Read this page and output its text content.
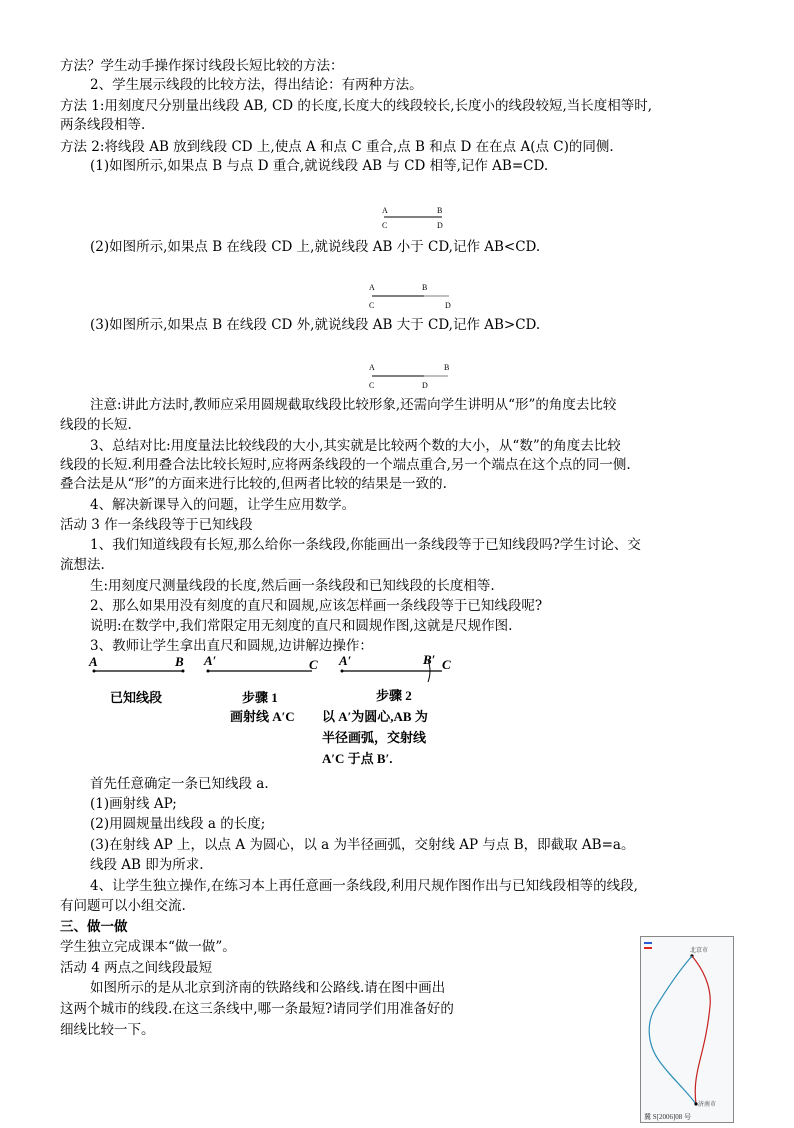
方法？学生动手操作探讨线段长短比较的方法：
2、学生展示线段的比较方法，得出结论：有两种方法。
方法 1:用刻度尺分别量出线段 AB, CD 的长度,长度大的线段较长,长度小的线段较短,当长度相等时,
两条线段相等.
方法 2:将线段 AB 放到线段 CD 上,使点 A 和点 C 重合,点 B 和点 D 在在点 A(点 C)的同侧.
(1)如图所示,如果点 B 与点 D 重合,就说线段 AB 与 CD 相等,记作 AB=CD.
A	B
C	D
(2)如图所示,如果点 B 在线段 CD 上,就说线段 AB 小于 CD,记作 AB<CD.
A	B
C	D
(3)如图所示,如果点 B 在线段 CD 外,就说线段 AB 大于 CD,记作 AB>CD.
A	B
C	D
注意:讲此方法时,教师应采用圆规截取线段比较形象,还需向学生讲明从“形”的角度去比较
线段的长短.
3、总结对比:用度量法比较线段的大小,其实就是比较两个数的大小，从“数”的角度去比较
线段的长短.利用叠合法比较长短时,应将两条线段的一个端点重合,另一个端点在这个点的同一侧.
叠合法是从“形”的方面来进行比较的,但两者比较的结果是一致的.
4、解决新课导入的问题，让学生应用数学。
活动 3 作一条线段等于已知线段
1、我们知道线段有长短,那么给你一条线段,你能画出一条线段等于已知线段吗?学生讨论、交
流想法.
生:用刻度尺测量线段的长度,然后画一条线段和已知线段的长度相等.
2、那么如果用没有刻度的直尺和圆规,应该怎样画一条线段等于已知线段呢?
说明:在数学中,我们常限定用无刻度的直尺和圆规作图,这就是尺规作图.
3、教师让学生拿出直尺和圆规,边讲解边操作：
A	B A′	C A′	B′ C
已知线段	步骤 1
画射线 A′C
步骤 2
以 A′为圆心,AB 为
半径画弧，交射线
A′C 于点 B′.
首先任意确定一条已知线段 a.
(1)画射线 AP;
(2)用圆规量出线段 a 的长度;
(3)在射线 AP 上，以点 A 为圆心，以 a 为半径画弧，交射线 AP 与点 B，即截取 AB=a。
线段 AB 即为所求.
4、让学生独立操作,在练习本上再任意画一条线段,利用尺规作图作出与已知线段相等的线段,
有问题可以小组交流.
三、做一做
学生独立完成课本“做一做”。
活动 4 两点之间线段最短
如图所示的是从北京到济南的铁路线和公路线.请在图中画出
这两个城市的线段.在这三条线中,哪一条最短?请同学们用准备好的
细线比较一下。
北京市
济南市
冀 S[2006]08 号
